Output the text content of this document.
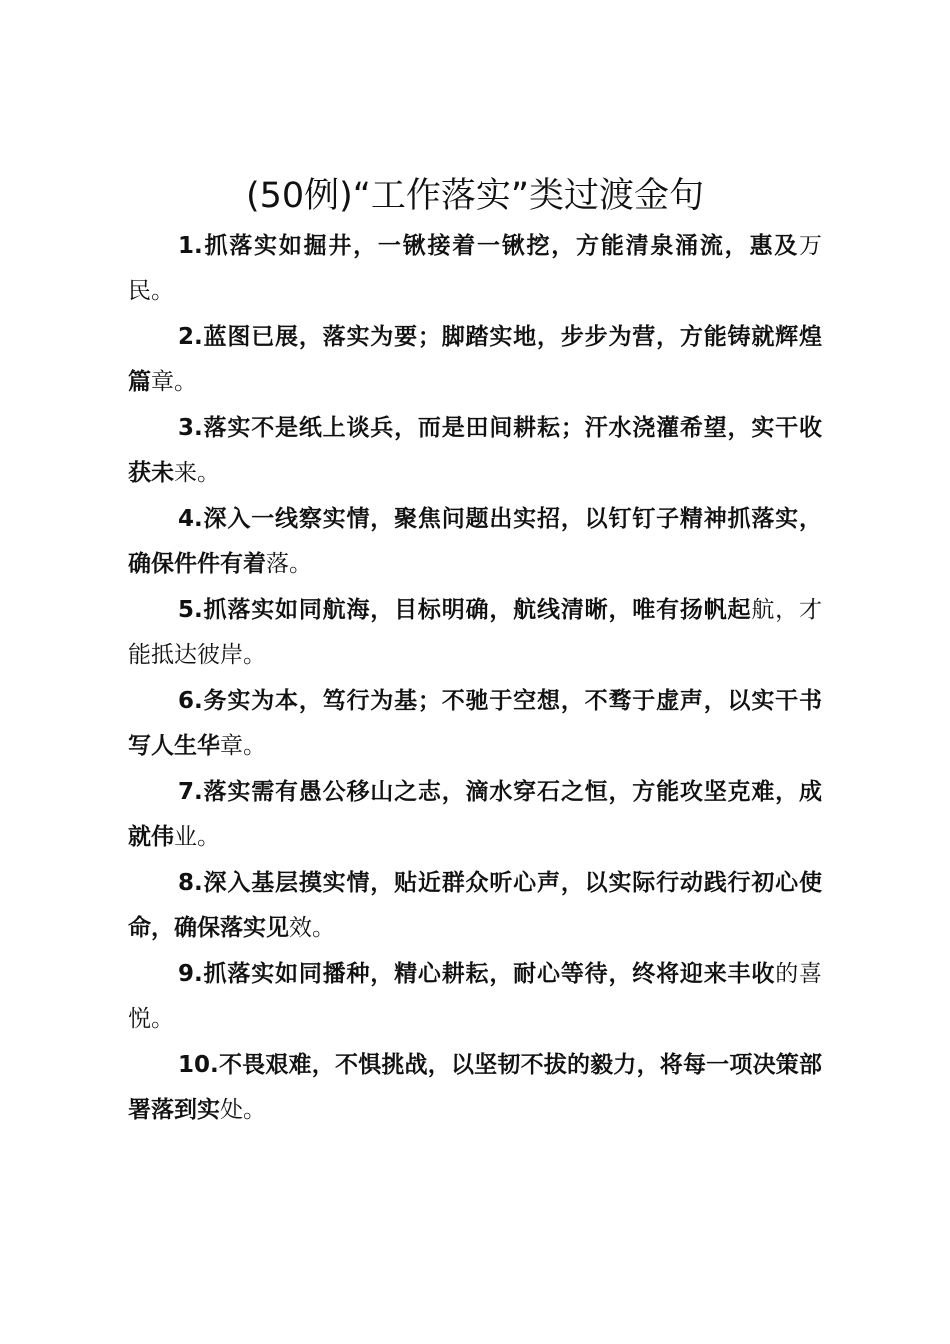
(50例)“工作落实”类过渡金句

1.抓落实如掘井，一锹接着一锹挖，方能清泉涌流，惠及万民。

2.蓝图已展，落实为要；脚踏实地，步步为营，方能铸就辉煌篇章。

3.落实不是纸上谈兵，而是田间耕耘；汗水浇灌希望，实干收获未来。

4.深入一线察实情，聚焦问题出实招，以钉钉子精神抓落实，确保件件有着落。

5.抓落实如同航海，目标明确，航线清晰，唯有扬帆起航，才能抵达彼岸。

6.务实为本，笃行为基；不驰于空想，不骛于虚声，以实干书写人生华章。

7.落实需有愚公移山之志，滴水穿石之恒，方能攻坚克难，成就伟业。

8.深入基层摸实情，贴近群众听心声，以实际行动践行初心使命，确保落实见效。

9.抓落实如同播种，精心耕耘，耐心等待，终将迎来丰收的喜悦。

10.不畏艰难，不惧挑战，以坚韧不拔的毅力，将每一项决策部署落到实处。
